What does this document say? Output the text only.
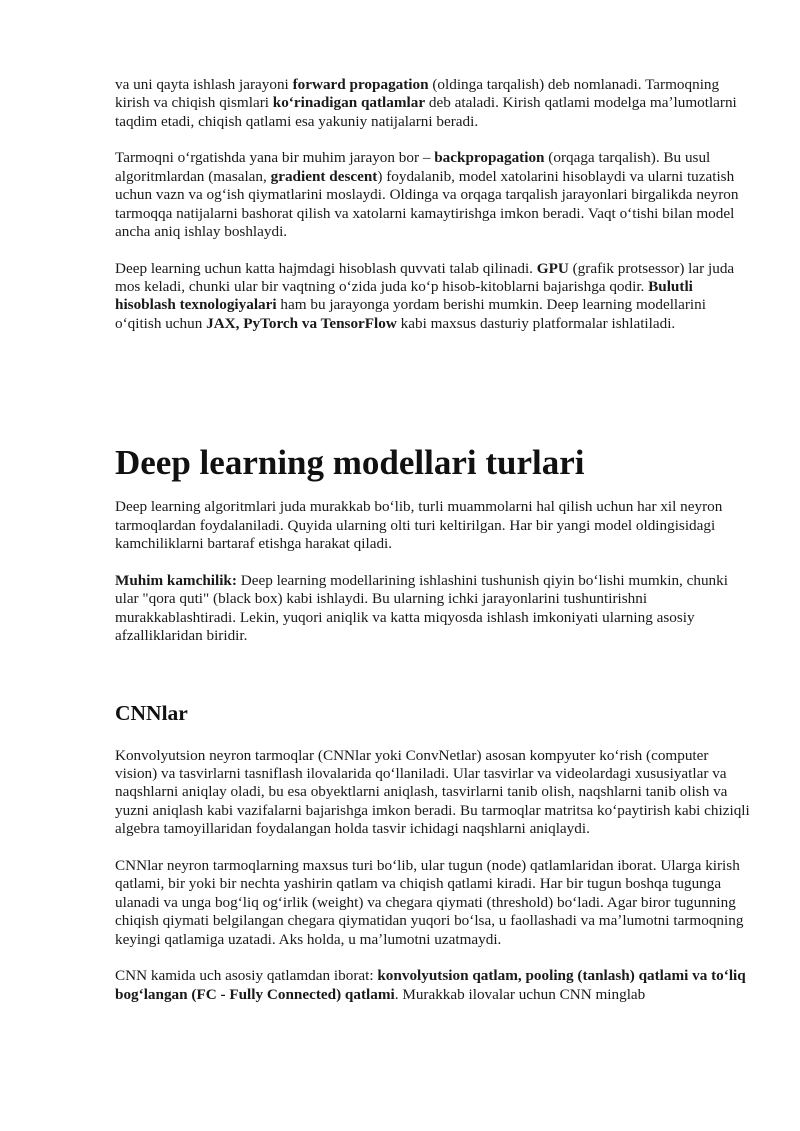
va uni qayta ishlash jarayoni forward propagation (oldinga tarqalish) deb nomlanadi. Tarmoqning kirish va chiqish qismlari koʻrinadigan qatlamlar deb ataladi. Kirish qatlami modelga maʼlumotlarni taqdim etadi, chiqish qatlami esa yakuniy natijalarni beradi.

Tarmoqni oʻrgatishda yana bir muhim jarayon bor – backpropagation (orqaga tarqalish). Bu usul algoritmlardan (masalan, gradient descent) foydalanib, model xatolarini hisoblaydi va ularni tuzatish uchun vazn va ogʻish qiymatlarini moslaydi. Oldinga va orqaga tarqalish jarayonlari birgalikda neyron tarmoqqa natijalarni bashorat qilish va xatolarni kamaytirishga imkon beradi. Vaqt oʻtishi bilan model ancha aniq ishlay boshlaydi.

Deep learning uchun katta hajmdagi hisoblash quvvati talab qilinadi. GPU (grafik protsessor) lar juda mos keladi, chunki ular bir vaqtning oʻzida juda koʻp hisob-kitoblarni bajarishga qodir. Bulutli hisoblash texnologiyalari ham bu jarayonga yordam berishi mumkin. Deep learning modellarini oʻqitish uchun JAX, PyTorch va TensorFlow kabi maxsus dasturiy platformalar ishlatiladi.

Deep learning modellari turlari

Deep learning algoritmlari juda murakkab boʻlib, turli muammolarni hal qilish uchun har xil neyron tarmoqlardan foydalaniladi. Quyida ularning olti turi keltirilgan. Har bir yangi model oldingisidagi kamchiliklarni bartaraf etishga harakat qiladi.

Muhim kamchilik: Deep learning modellarining ishlashini tushunish qiyin boʻlishi mumkin, chunki ular "qora quti" (black box) kabi ishlaydi. Bu ularning ichki jarayonlarini tushuntirishni murakkablashtiradi. Lekin, yuqori aniqlik va katta miqyosda ishlash imkoniyati ularning asosiy afzalliklaridan biridir.

CNNlar

Konvolyutsion neyron tarmoqlar (CNNlar yoki ConvNetlar) asosan kompyuter koʻrish (computer vision) va tasvirlarni tasniflash ilovalarida qoʻllaniladi. Ular tasvirlar va videolardagi xususiyatlar va naqshlarni aniqlay oladi, bu esa obyektlarni aniqlash, tasvirlarni tanib olish, naqshlarni tanib olish va yuzni aniqlash kabi vazifalarni bajarishga imkon beradi. Bu tarmoqlar matritsa koʻpaytirish kabi chiziqli algebra tamoyillaridan foydalangan holda tasvir ichidagi naqshlarni aniqlaydi.

CNNlar neyron tarmoqlarning maxsus turi boʻlib, ular tugun (node) qatlamlaridan iborat. Ularga kirish qatlami, bir yoki bir nechta yashirin qatlam va chiqish qatlami kiradi. Har bir tugun boshqa tugunga ulanadi va unga bogʻliq ogʻirlik (weight) va chegara qiymati (threshold) boʻladi. Agar biror tugunning chiqish qiymati belgilangan chegara qiymatidan yuqori boʻlsa, u faollashadi va maʼlumotni tarmoqning keyingi qatlamiga uzatadi. Aks holda, u maʼlumotni uzatmaydi.

CNN kamida uch asosiy qatlamdan iborat: konvolyutsion qatlam, pooling (tanlash) qatlami va toʻliq bogʻlangan (FC - Fully Connected) qatlami. Murakkab ilovalar uchun CNN minglab
